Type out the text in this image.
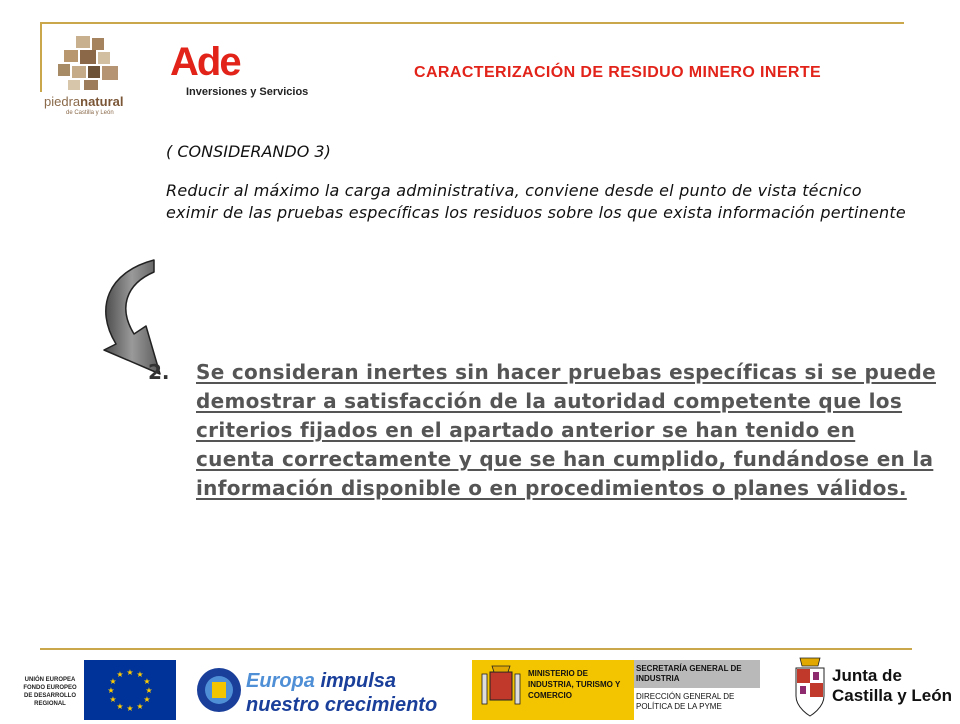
piedranatural
de Castilla y León
Ade
Inversiones y Servicios
CARACTERIZACIÓN DE RESIDUO MINERO INERTE
( CONSIDERANDO 3)
Reducir al máximo la carga administrativa, conviene desde el punto de vista técnico eximir de las pruebas específicas los residuos sobre los que exista información pertinente
2. Se consideran inertes sin hacer pruebas específicas si se puede demostrar a satisfacción de la autoridad competente que los criterios fijados en el apartado anterior se han tenido en cuenta correctamente y que se han cumplido, fundándose en la información disponible o en procedimientos o planes válidos.
UNIÓN EUROPEA FONDO EUROPEO DE DESARROLLO REGIONAL
★ ★
★
★
★
★
★
★
★
★
★
★	Europa impulsa
nuestro crecimiento
MINISTERIO DE INDUSTRIA, TURISMO Y COMERCIO
SECRETARÍA GENERAL DE INDUSTRIA
DIRECCIÓN GENERAL DE POLÍTICA DE LA PYME
Junta de
Castilla y León
